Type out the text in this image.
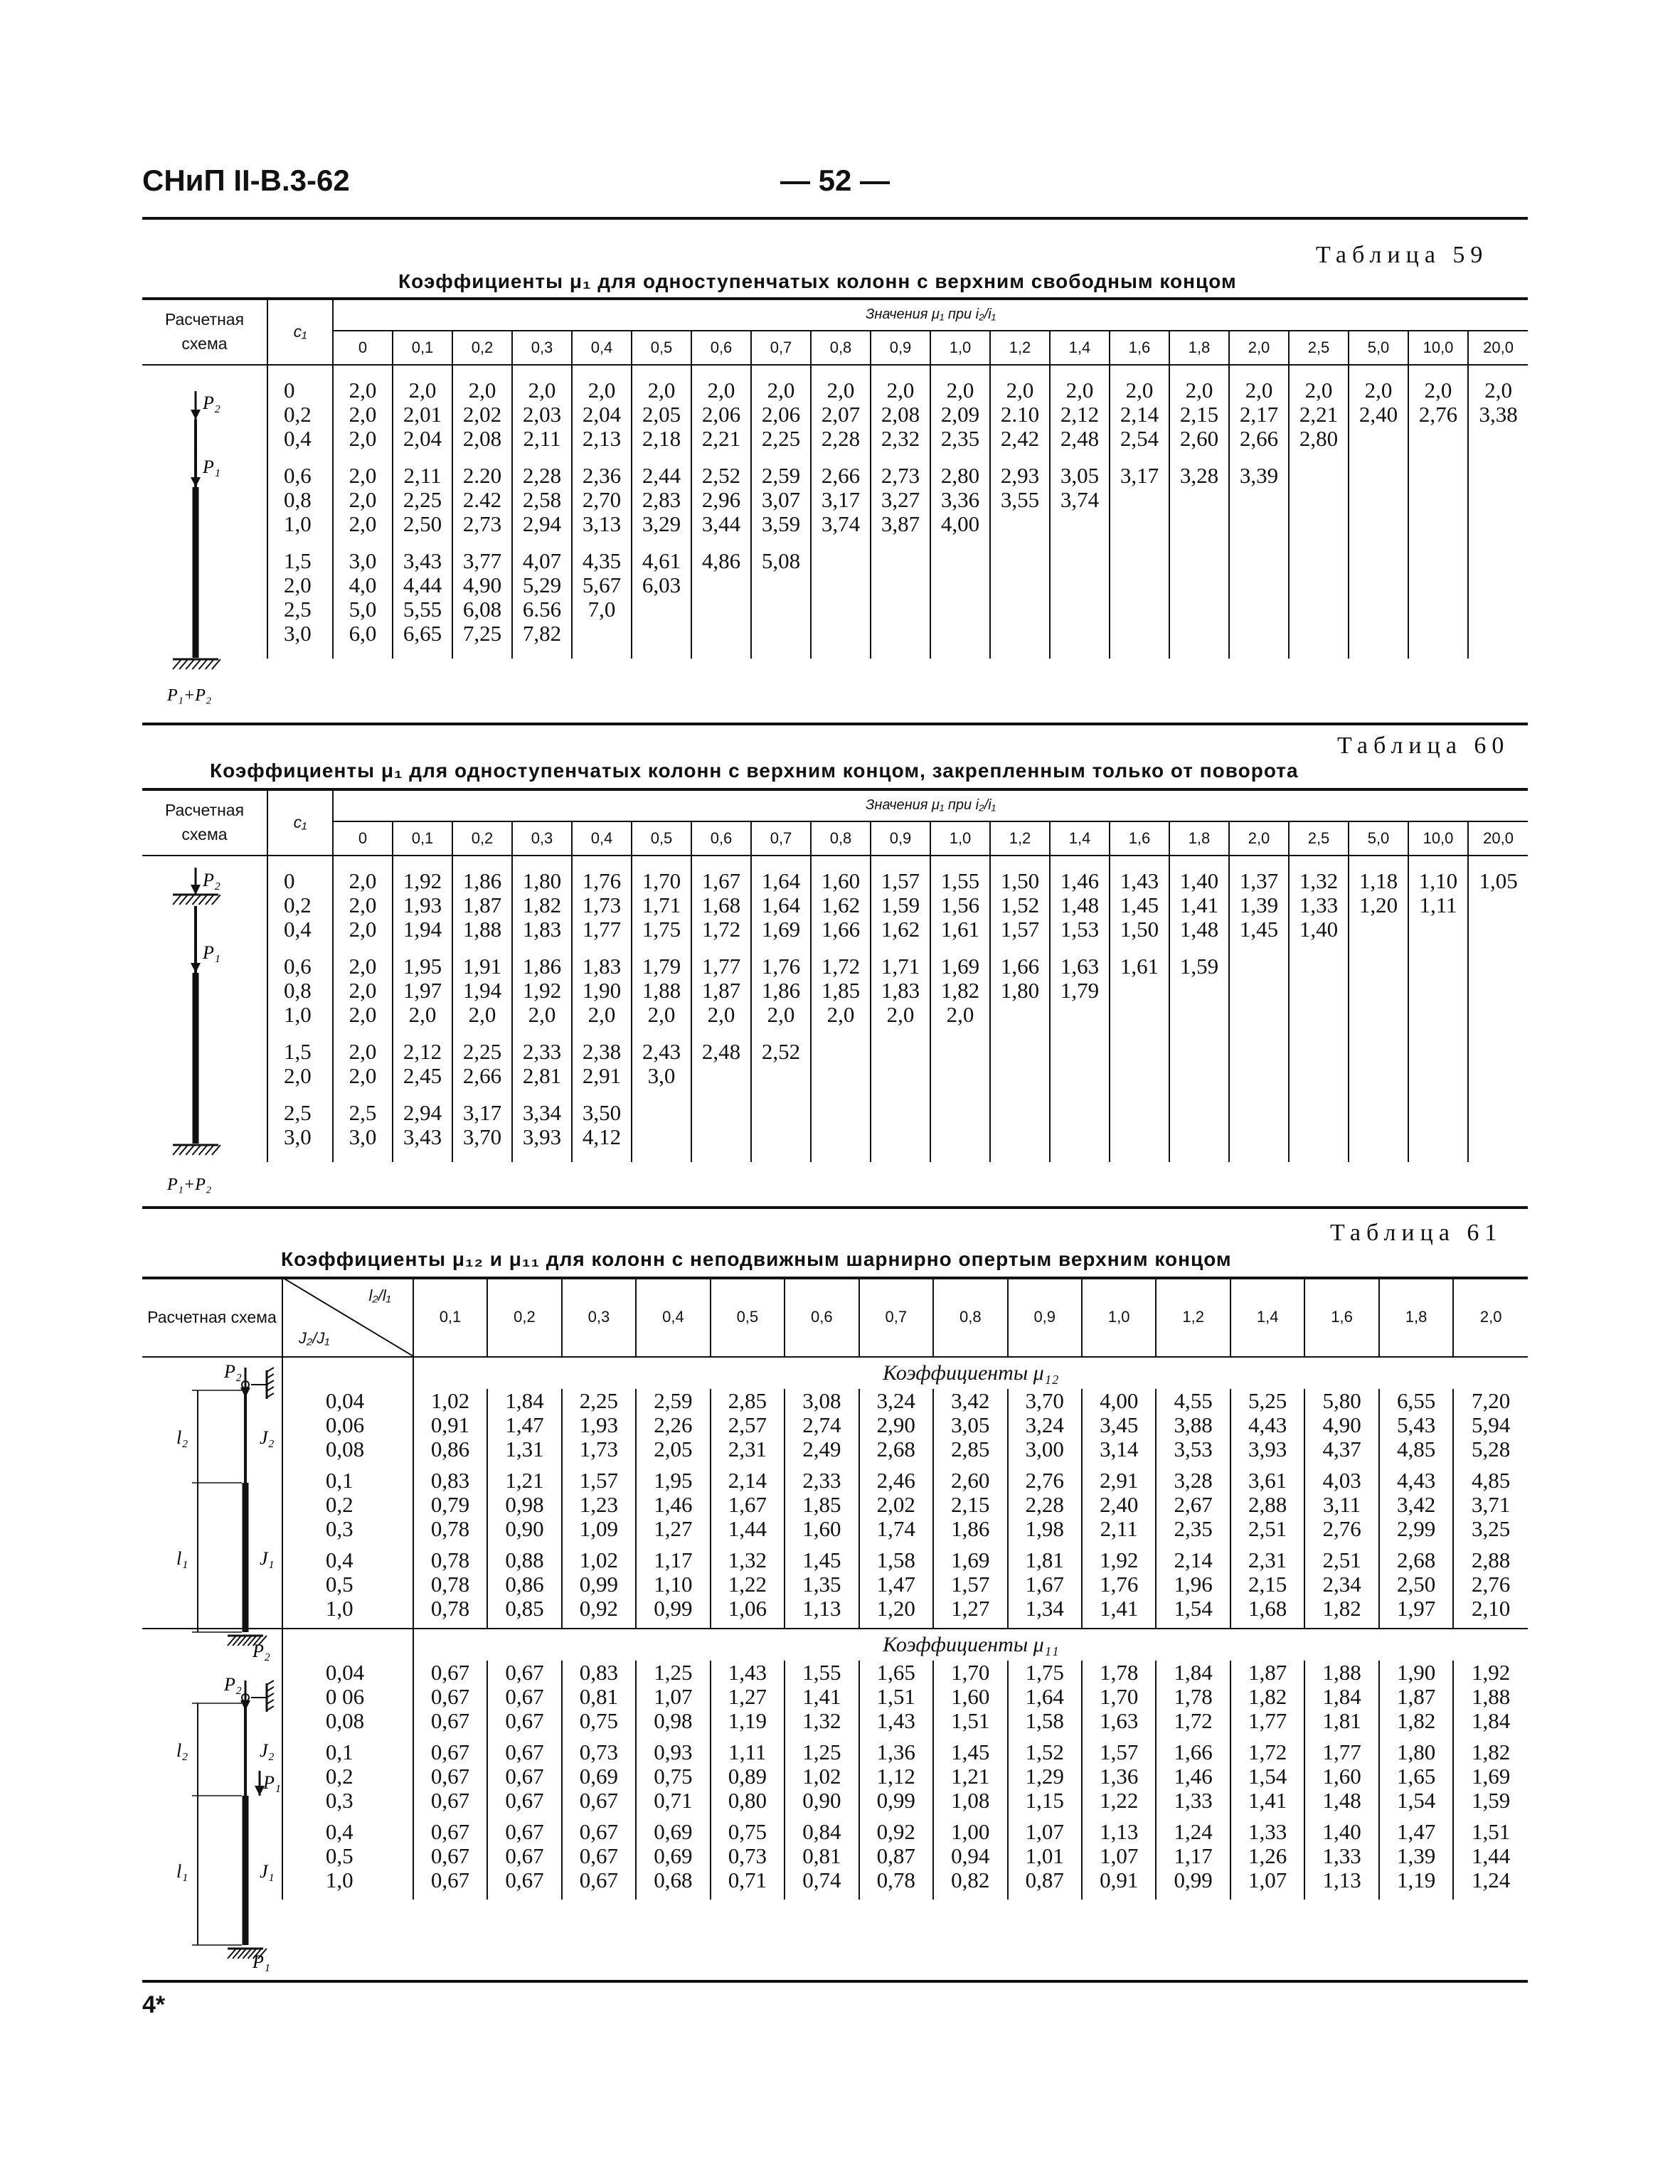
СНиП II-В.3-62	— 52 —
Таблица 59
Коэффициенты μ₁ для одноступенчатых колонн с верхним свободным концом
Расчетная схема	c₁	Значения μ₁ при i₂/i₁																			
		0	0,1	0,2	0,3	0,4	0,5	0,6	0,7	0,8	0,9	1,0	1,2	1,4	1,6	1,8	2,0	2,5	5,0	10,0	20,0

	0	2,0	2,0	2,0	2,0	2,0	2,0	2,0	2,0	2,0	2,0	2,0	2,0	2,0	2,0	2,0	2,0	2,0	2,0	2,0	2,0
	0,2	2,0	2,01	2,02	2,03	2,04	2,05	2,06	2,06	2,07	2,08	2,09	2.10	2,12	2,14	2,15	2,17	2,21	2,40	2,76	3,38
	0,4	2,0	2,04	2,08	2,11	2,13	2,18	2,21	2,25	2,28	2,32	2,35	2,42	2,48	2,54	2,60	2,66	2,80			

	0,6	2,0	2,11	2.20	2,28	2,36	2,44	2,52	2,59	2,66	2,73	2,80	2,93	3,05	3,17	3,28	3,39				
	0,8	2,0	2,25	2.42	2,58	2,70	2,83	2,96	3,07	3,17	3,27	3,36	3,55	3,74							
	1,0	2,0	2,50	2,73	2,94	3,13	3,29	3,44	3,59	3,74	3,87	4,00									

	1,5	3,0	3,43	3,77	4,07	4,35	4,61	4,86	5,08												
	2,0	4,0	4,44	4,90	5,29	5,67	6,03														
	2,5	5,0	5,55	6,08	6.56	7,0															
	3,0	6,0	6,65	7,25	7,82																

P₂
P₁
P₁+P₂
Таблица 60
Коэффициенты μ₁ для одноступенчатых колонн с верхним концом, закрепленным только от поворота
Расчетная схема	c₁	Значения μ₁ при i₂/i₁																			
		0	0,1	0,2	0,3	0,4	0,5	0,6	0,7	0,8	0,9	1,0	1,2	1,4	1,6	1,8	2,0	2,5	5,0	10,0	20,0

	0	2,0	1,92	1,86	1,80	1,76	1,70	1,67	1,64	1,60	1,57	1,55	1,50	1,46	1,43	1,40	1,37	1,32	1,18	1,10	1,05
	0,2	2,0	1,93	1,87	1,82	1,73	1,71	1,68	1,64	1,62	1,59	1,56	1,52	1,48	1,45	1,41	1,39	1,33	1,20	1,11	
	0,4	2,0	1,94	1,88	1,83	1,77	1,75	1,72	1,69	1,66	1,62	1,61	1,57	1,53	1,50	1,48	1,45	1,40			

	0,6	2,0	1,95	1,91	1,86	1,83	1,79	1,77	1,76	1,72	1,71	1,69	1,66	1,63	1,61	1,59					
	0,8	2,0	1,97	1,94	1,92	1,90	1,88	1,87	1,86	1,85	1,83	1,82	1,80	1,79							
	1,0	2,0	2,0	2,0	2,0	2,0	2,0	2,0	2,0	2,0	2,0	2,0									

	1,5	2,0	2,12	2,25	2,33	2,38	2,43	2,48	2,52												
	2,0	2,0	2,45	2,66	2,81	2,91	3,0														

	2,5	2,5	2,94	3,17	3,34	3,50															
	3,0	3,0	3,43	3,70	3,93	4,12															

P₂
P₁
P₁+P₂
Таблица 61
Коэффициенты μ₁₂ и μ₁₁ для колонн с неподвижным шарнирно опертым верхним концом
Расчетная схема	l₂/l₁
J₂/J₁	0,1	0,2	0,3	0,4	0,5	0,6	0,7	0,8	0,9	1,0	1,2	1,4	1,6	1,8	2,0
		Коэффициенты μ₁₂														
	0,04	1,02	1,84	2,25	2,59	2,85	3,08	3,24	3,42	3,70	4,00	4,55	5,25	5,80	6,55	7,20
	0,06	0,91	1,47	1,93	2,26	2,57	2,74	2,90	3,05	3,24	3,45	3,88	4,43	4,90	5,43	5,94
	0,08	0,86	1,31	1,73	2,05	2,31	2,49	2,68	2,85	3,00	3,14	3,53	3,93	4,37	4,85	5,28

	0,1	0,83	1,21	1,57	1,95	2,14	2,33	2,46	2,60	2,76	2,91	3,28	3,61	4,03	4,43	4,85
	0,2	0,79	0,98	1,23	1,46	1,67	1,85	2,02	2,15	2,28	2,40	2,67	2,88	3,11	3,42	3,71
	0,3	0,78	0,90	1,09	1,27	1,44	1,60	1,74	1,86	1,98	2,11	2,35	2,51	2,76	2,99	3,25

	0,4	0,78	0,88	1,02	1,17	1,32	1,45	1,58	1,69	1,81	1,92	2,14	2,31	2,51	2,68	2,88
	0,5	0,78	0,86	0,99	1,10	1,22	1,35	1,47	1,57	1,67	1,76	1,96	2,15	2,34	2,50	2,76
	1,0	0,78	0,85	0,92	0,99	1,06	1,13	1,20	1,27	1,34	1,41	1,54	1,68	1,82	1,97	2,10

		Коэффициенты μ₁₁														
	0,04	0,67	0,67	0,83	1,25	1,43	1,55	1,65	1,70	1,75	1,78	1,84	1,87	1,88	1,90	1,92
	0 06	0,67	0,67	0,81	1,07	1,27	1,41	1,51	1,60	1,64	1,70	1,78	1,82	1,84	1,87	1,88
	0,08	0,67	0,67	0,75	0,98	1,19	1,32	1,43	1,51	1,58	1,63	1,72	1,77	1,81	1,82	1,84

	0,1	0,67	0,67	0,73	0,93	1,11	1,25	1,36	1,45	1,52	1,57	1,66	1,72	1,77	1,80	1,82
	0,2	0,67	0,67	0,69	0,75	0,89	1,02	1,12	1,21	1,29	1,36	1,46	1,54	1,60	1,65	1,69
	0,3	0,67	0,67	0,67	0,71	0,80	0,90	0,99	1,08	1,15	1,22	1,33	1,41	1,48	1,54	1,59

	0,4	0,67	0,67	0,67	0,69	0,75	0,84	0,92	1,00	1,07	1,13	1,24	1,33	1,40	1,47	1,51
	0,5	0,67	0,67	0,67	0,69	0,73	0,81	0,87	0,94	1,01	1,07	1,17	1,26	1,33	1,39	1,44
	1,0	0,67	0,67	0,67	0,68	0,71	0,74	0,78	0,82	0,87	0,91	0,99	1,07	1,13	1,19	1,24

P₂
l₂
l₁
J₂
J₁
P₂
P₂
l₂
l₁
J₂
J₁
P₁
P₁
4*
